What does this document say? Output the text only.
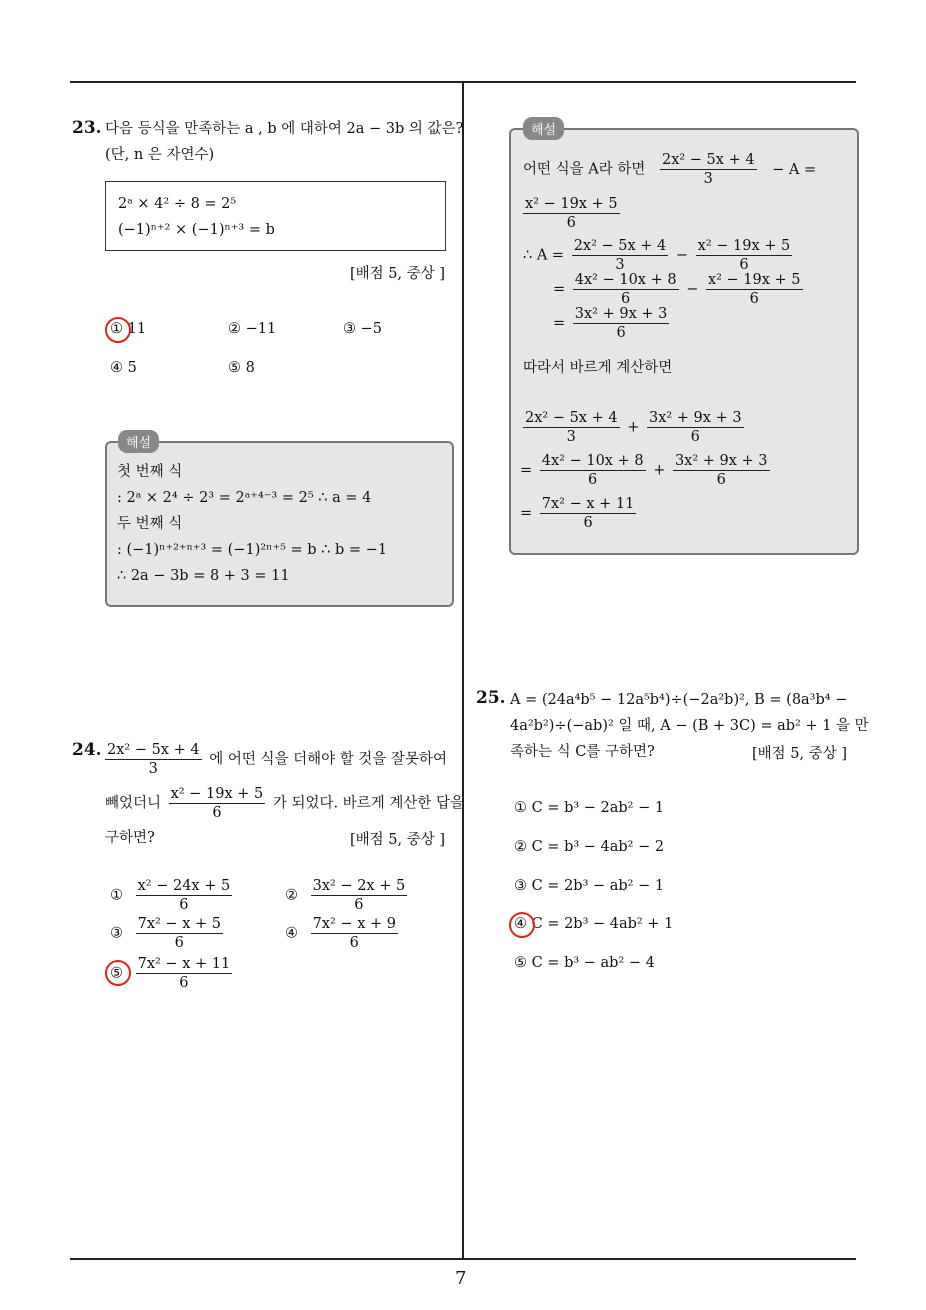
7
23. 다음 등식을 만족하는 a , b 에 대하여 2a − 3b 의 값은?
(단, n 은 자연수)
2ᵃ × 4² ÷ 8 = 2⁵
(−1)ⁿ⁺² × (−1)ⁿ⁺³ = b
[배점 5, 중상 ]
① 11	② −11	③ −5
④ 5	⑤ 8
해설
첫 번째 식
: 2ᵃ × 2⁴ ÷ 2³ = 2ᵃ⁺⁴⁻³ = 2⁵ ∴ a = 4
두 번째 식
: (−1)ⁿ⁺²⁺ⁿ⁺³ = (−1)²ⁿ⁺⁵ = b ∴ b = −1
∴ 2a − 3b = 8 + 3 = 11
24. $\frac{\text{2x² − 5x + 4}}{3}$ 에 어떤 식을 더해야 할 것을 잘못하여
빼었더니 $\frac{\text{x² − 19x + 5}}{6}$ 가 되었다. 바르게 계산한 답을
구하면?	[배점 5, 중상 ]
① $\frac{\text{x² − 24x + 5}}{6}$	② $\frac{\text{3x² − 2x + 5}}{6}$
③ $\frac{\text{7x² − x + 5}}{6}$	④ $\frac{\text{7x² − x + 9}}{6}$
⑤ $\frac{\text{7x² − x + 11}}{6}$
해설
어떤 식을 A라 하면 $\frac{\text{2x² − 5x + 4}}{3} - A$ =
$\frac{\text{x² − 19x + 5}}{6}$
∴ $A = \frac{\text{2x² − 5x + 4}}{3} - \frac{\text{x² − 19x + 5}}{6}$
= $\frac{\text{4x² − 10x + 8}}{6} - \frac{\text{x² − 19x + 5}}{6}$
= $\frac{\text{3x² + 9x + 3}}{6}$
따라서 바르게 계산하면
$\frac{\text{2x² − 5x + 4}}{3} + \frac{\text{3x² + 9x + 3}}{6}$
= $\frac{\text{4x² − 10x + 8}}{6} + \frac{\text{3x² + 9x + 3}}{6}$
= $\frac{\text{7x² − x + 11}}{6}$
25. A = (24a⁴b⁵ − 12a⁵b⁴)÷(−2a²b)², B = (8a³b⁴ −
4a²b²)÷(−ab)² 일 때, A − (B + 3C) = ab² + 1 을 만
족하는 식 C를 구하면?	[배점 5, 중상 ]
① C = b³ − 2ab² − 1
② C = b³ − 4ab² − 2
③ C = 2b³ − ab² − 1
④ C = 2b³ − 4ab² + 1
⑤ C = b³ − ab² − 4
